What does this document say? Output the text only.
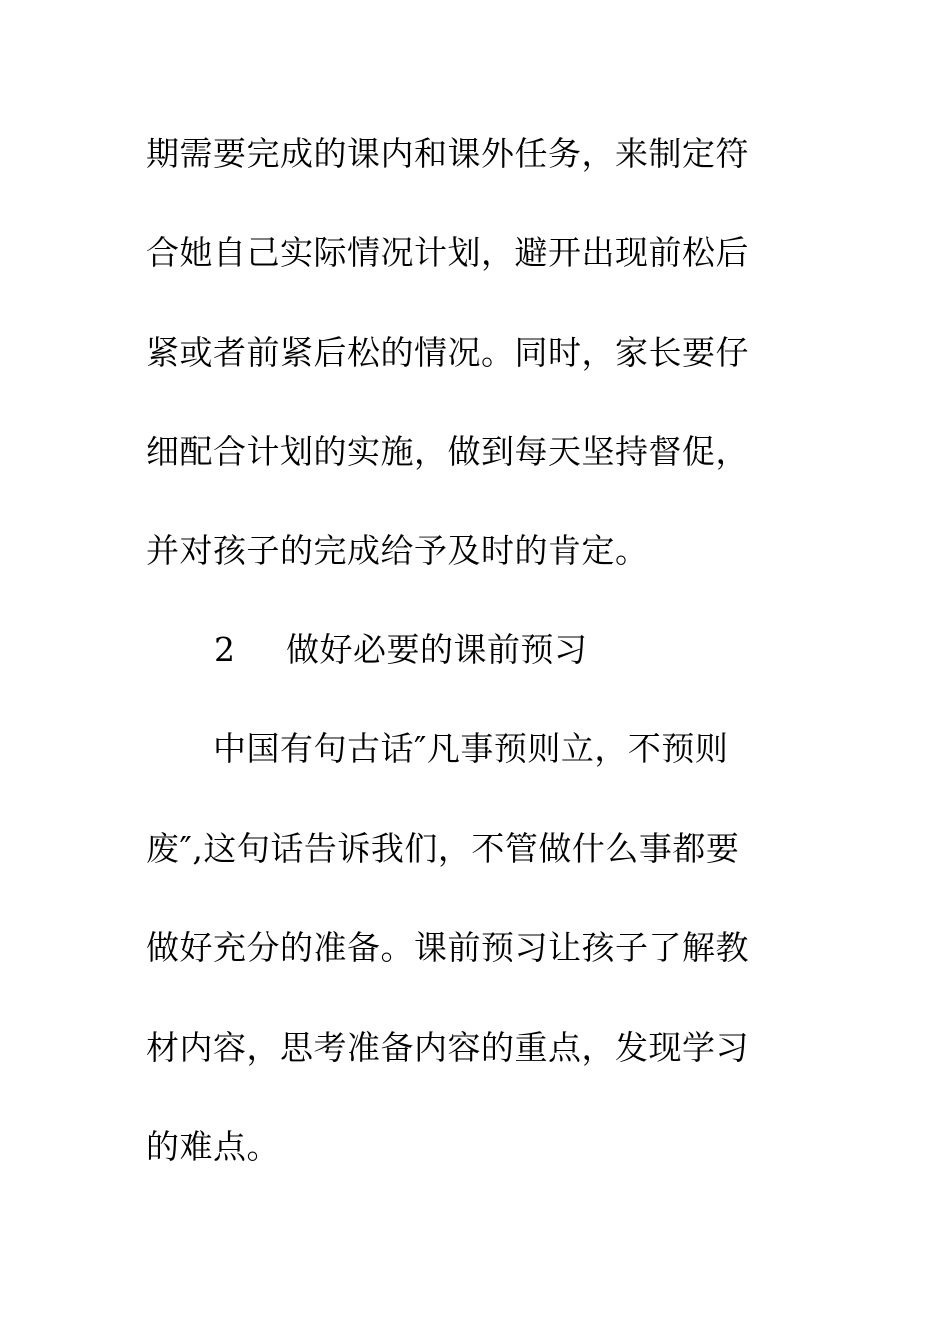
期需要完成的课内和课外任务，来制定符
合她自己实际情况计划，避开出现前松后
紧或者前紧后松的情况。同时，家长要仔
细配合计划的实施，做到每天坚持督促，
并对孩子的完成给予及时的肯定。
2 做好必要的课前预习
　　中国有句古话″凡事预则立，不预则
废″,这句话告诉我们，不管做什么事都要
做好充分的准备。课前预习让孩子了解教
材内容，思考准备内容的重点，发现学习
的难点。
